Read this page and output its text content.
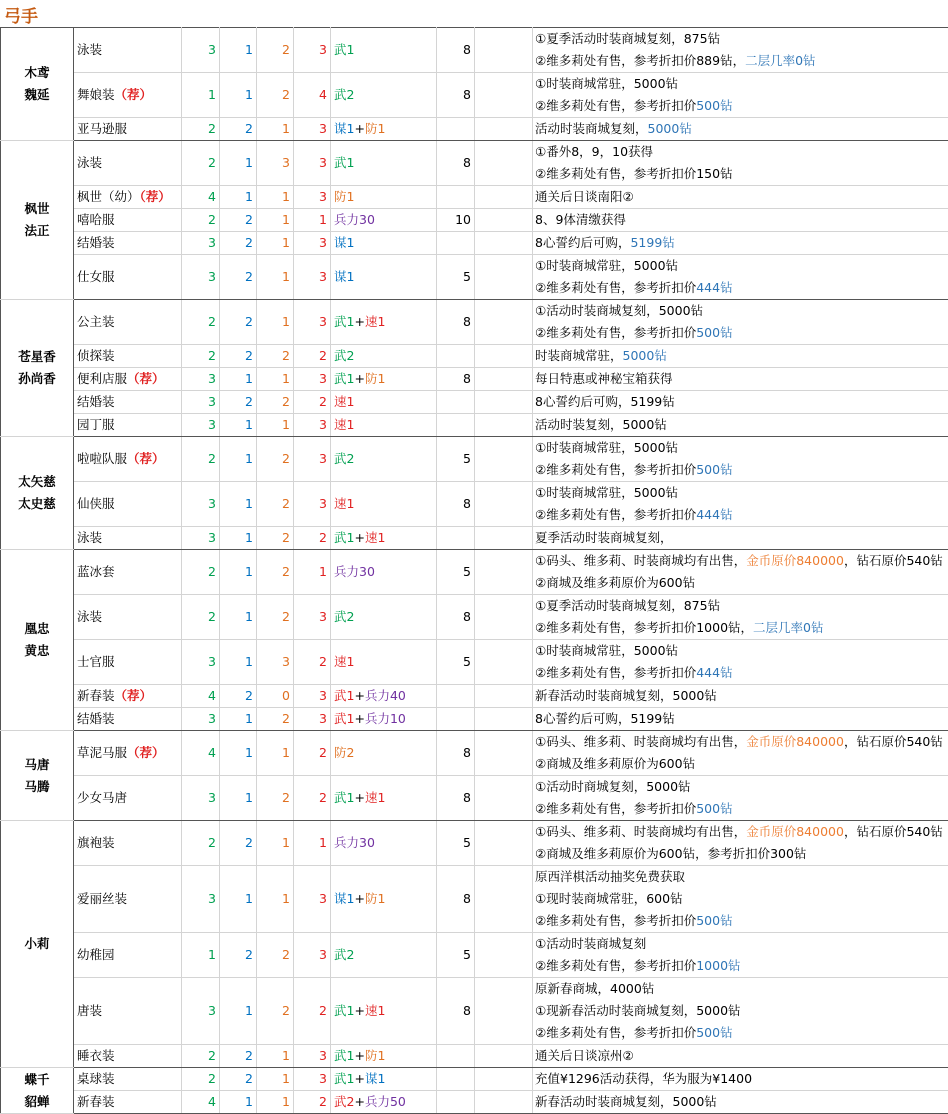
弓手
木鸢
魏延	泳装	3	1	2	3	武1	8		①夏季活动时装商城复刻，875钻
②维多莉处有售，参考折扣价889钻，二层几率0钻

	舞娘装（荐）	1	1	2	4	武2	8		①时装商城常驻，5000钻
②维多莉处有售，参考折扣价500钻

	亚马逊服	2	2	1	3	谋1+防1			活动时装商城复刻，5000钻

枫世
法正	泳装	2	1	3	3	武1	8		①番外8，9，10获得
②维多莉处有售，参考折扣价150钻

	枫世（幼）（荐）	4	1	1	3	防1			通关后日谈南阳②

	嘻哈服	2	2	1	1	兵力30	10		8、9体清缴获得

	结婚装	3	2	1	3	谋1			8心誓约后可购，5199钻

	仕女服	3	2	1	3	谋1	5		①时装商城常驻，5000钻
②维多莉处有售，参考折扣价444钻

苍星香
孙尚香	公主装	2	2	1	3	武1+速1	8		①活动时装商城复刻，5000钻
②维多莉处有售，参考折扣价500钻

	侦探装	2	2	2	2	武2			时装商城常驻，5000钻

	便利店服（荐）	3	1	1	3	武1+防1	8		每日特惠或神秘宝箱获得

	结婚装	3	2	2	2	速1			8心誓约后可购，5199钻

	园丁服	3	1	1	3	速1			活动时装复刻，5000钻

太矢慈
太史慈	啦啦队服（荐）	2	1	2	3	武2	5		①时装商城常驻，5000钻
②维多莉处有售，参考折扣价500钻

	仙侠服	3	1	2	3	速1	8		①时装商城常驻，5000钻
②维多莉处有售，参考折扣价444钻

	泳装	3	1	2	2	武1+速1			夏季活动时装商城复刻，

凰忠
黄忠	蓝冰套	2	1	2	1	兵力30	5		①码头、维多莉、时装商城均有出售，金币原价840000，钻石原价540钻
②商城及维多莉原价为600钻

	泳装	2	1	2	3	武2	8		①夏季活动时装商城复刻，875钻
②维多莉处有售，参考折扣价1000钻，二层几率0钻

	士官服	3	1	3	2	速1	5		①时装商城常驻，5000钻
②维多莉处有售，参考折扣价444钻

	新春装（荐）	4	2	0	3	武1+兵力40			新春活动时装商城复刻，5000钻

	结婚装	3	1	2	3	武1+兵力10			8心誓约后可购，5199钻

马唐
马腾	草泥马服（荐）	4	1	1	2	防2	8		①码头、维多莉、时装商城均有出售，金币原价840000，钻石原价540钻
②商城及维多莉原价为600钻

	少女马唐	3	1	2	2	武1+速1	8		①活动时商城复刻，5000钻
②维多莉处有售，参考折扣价500钻

小莉	旗袍装	2	2	1	1	兵力30	5		①码头、维多莉、时装商城均有出售，金币原价840000，钻石原价540钻
②商城及维多莉原价为600钻，参考折扣价300钻

	爱丽丝装	3	1	1	3	谋1+防1	8		原西洋棋活动抽奖免费获取
①现时装商城常驻，600钻
②维多莉处有售，参考折扣价500钻

	幼稚园	1	2	2	3	武2	5		①活动时装商城复刻
②维多莉处有售，参考折扣价1000钻

	唐装	3	1	2	2	武1+速1	8		原新春商城，4000钻
①现新春活动时装商城复刻，5000钻
②维多莉处有售，参考折扣价500钻

	睡衣装	2	2	1	3	武1+防1			通关后日谈凉州②

蝶千
貂蝉	桌球装	2	2	1	3	武1+谋1			充值¥1296活动获得，华为服为¥1400

	新春装	4	1	1	2	武2+兵力50			新春活动时装商城复刻，5000钻
